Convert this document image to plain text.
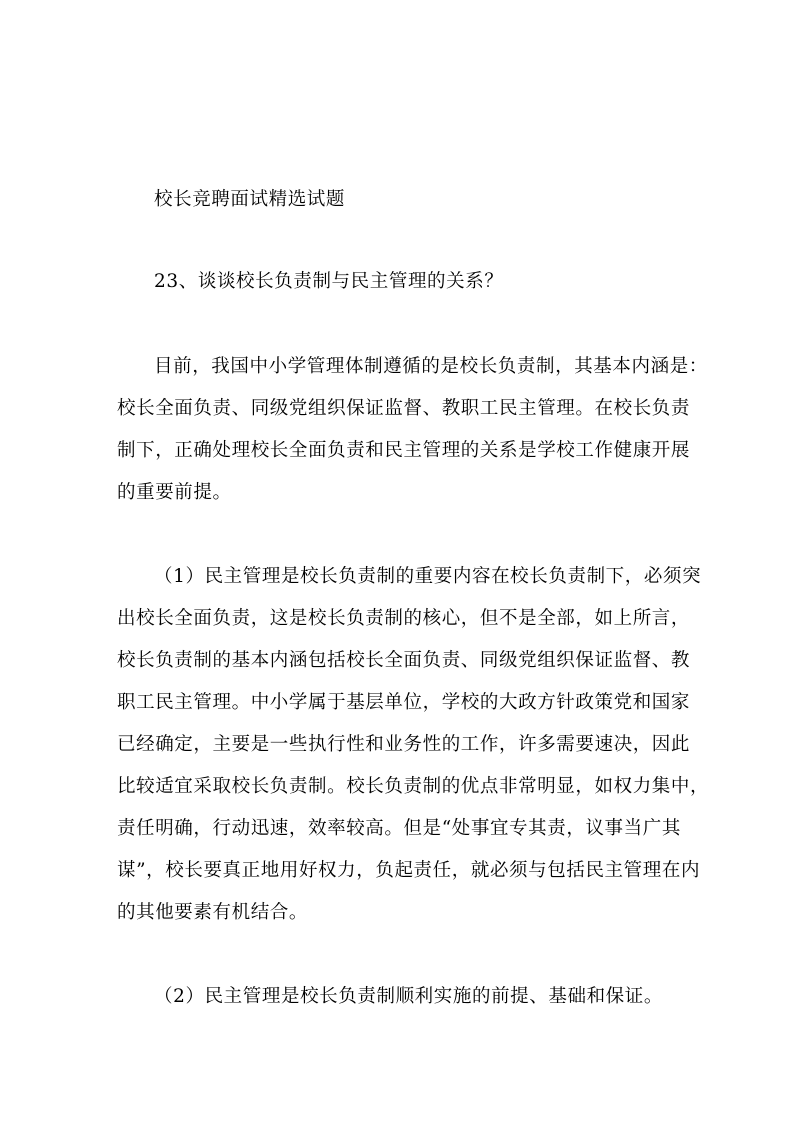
校长竞聘面试精选试题
23、谈谈校长负责制与民主管理的关系？
目前，我国中小学管理体制遵循的是校长负责制，其基本内涵是：
校长全面负责、同级党组织保证监督、教职工民主管理。在校长负责
制下，正确处理校长全面负责和民主管理的关系是学校工作健康开展
的重要前提。
（1）民主管理是校长负责制的重要内容在校长负责制下，必须突
出校长全面负责，这是校长负责制的核心，但不是全部，如上所言，
校长负责制的基本内涵包括校长全面负责、同级党组织保证监督、教
职工民主管理。中小学属于基层单位，学校的大政方针政策党和国家
已经确定，主要是一些执行性和业务性的工作，许多需要速决，因此
比较适宜采取校长负责制。校长负责制的优点非常明显，如权力集中，
责任明确，行动迅速，效率较高。但是“处事宜专其责，议事当广其
谋”，校长要真正地用好权力，负起责任，就必须与包括民主管理在内
的其他要素有机结合。
（2）民主管理是校长负责制顺利实施的前提、基础和保证。
